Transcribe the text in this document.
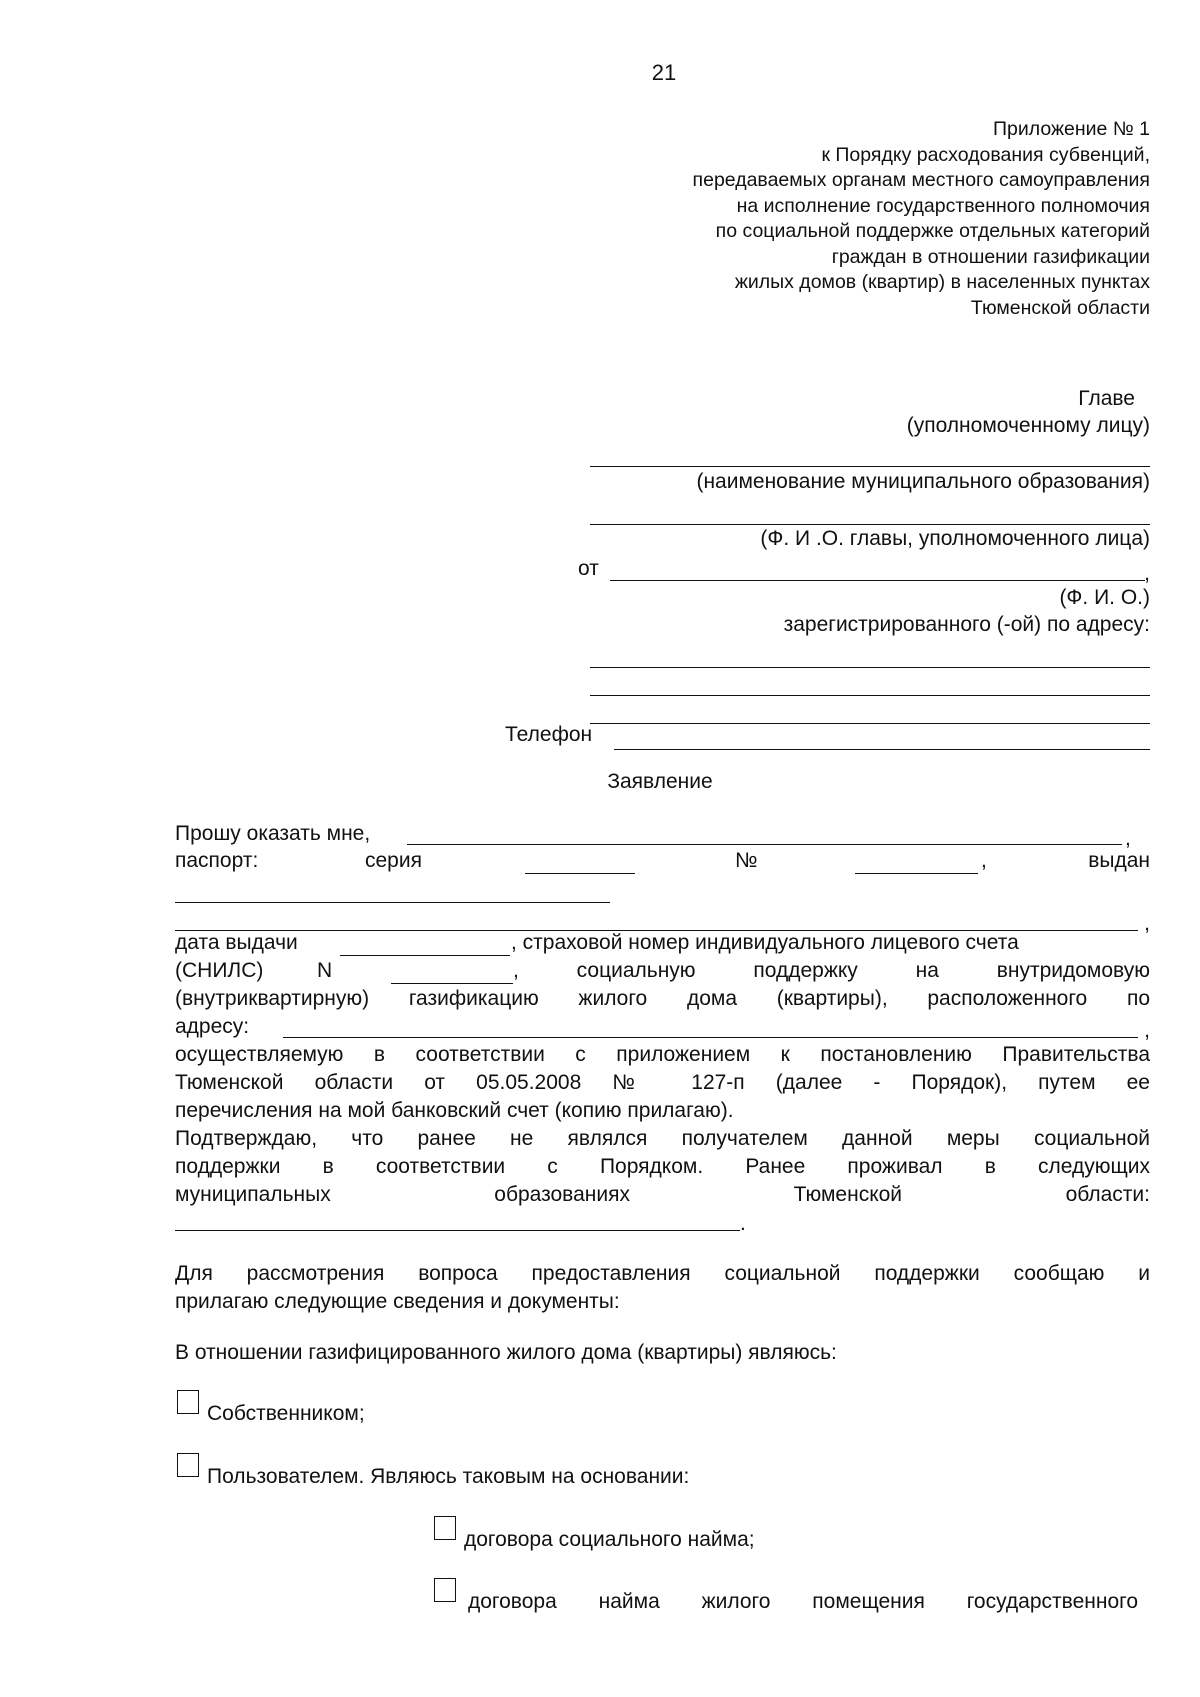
21
Приложение № 1
к Порядку расходования субвенций,
передаваемых органам местного самоуправления
на исполнение государственного полномочия
по социальной поддержке отдельных категорий
граждан в отношении газификации
жилых домов (квартир) в населенных пунктах
Тюменской области
Главе
(уполномоченному лицу)
(наименование муниципального образования)
(Ф. И .О. главы, уполномоченного лица)
от	,
(Ф. И. О.)
зарегистрированного (-ой) по адресу:
Телефон
Заявление
Прошу оказать мне,	,
паспорт:	серия	№	,	выдан
,
дата выдачи	, страховой номер индивидуального лицевого счета
(СНИЛС)	N	, социальную поддержку на внутридомовую
(внутриквартирную) газификацию жилого дома (квартиры), расположенного по
адресу:	,
осуществляемую в соответствии с приложением к постановлению Правительства
Тюменской области от 05.05.2008 № 127-п (далее - Порядок), путем ее
перечисления на мой банковский счет (копию прилагаю).
Подтверждаю, что ранее не являлся получателем данной меры социальной
поддержки в соответствии с Порядком. Ранее проживал в следующих
муниципальных	образованиях	Тюменской	области:
.
Для рассмотрения вопроса предоставления социальной поддержки сообщаю и
прилагаю следующие сведения и документы:
В отношении газифицированного жилого дома (квартиры) являюсь:
Собственником;
Пользователем. Являюсь таковым на основании:
договора социального найма;
договора найма жилого помещения государственного
